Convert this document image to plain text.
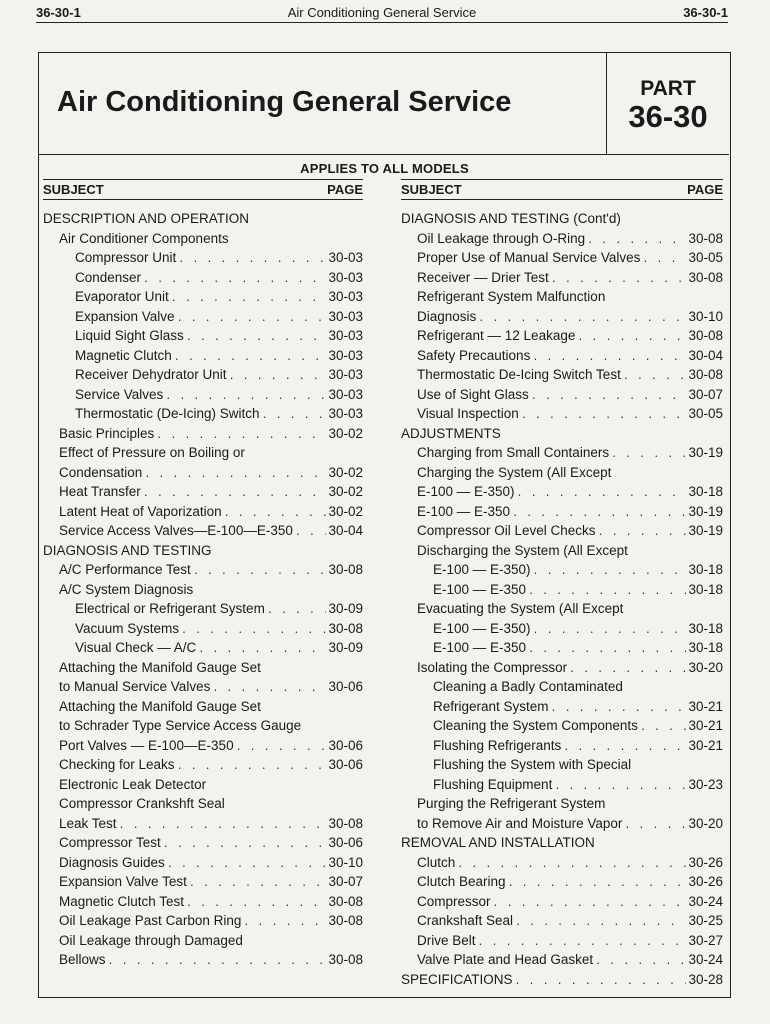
36-30-1	Air Conditioning General Service	36-30-1
Air Conditioning General Service	PART
36-30
APPLIES TO ALL MODELS
SUBJECT	PAGE
DESCRIPTION AND OPERATION
Air Conditioner Components
Compressor Unit . . .	30-03
Condenser . . .	30-03
Evaporator Unit . . .	30-03
Expansion Valve . . .	30-03
Liquid Sight Glass . . .	30-03
Magnetic Clutch . . .	30-03
Receiver Dehydrator Unit . . .	30-03
Service Valves . . .	30-03
Thermostatic (De-Icing) Switch . . .	30-03
Basic Principles . . .	30-02
Effect of Pressure on Boiling or
Condensation . . .	30-02
Heat Transfer . . .	30-02
Latent Heat of Vaporization . . .	30-02
Service Access Valves—E-100—E-350 . . .	30-04
DIAGNOSIS AND TESTING
A/C Performance Test . . .	30-08
A/C System Diagnosis
Electrical or Refrigerant System . . .	30-09
Vacuum Systems . . .	30-08
Visual Check — A/C . . .	30-09
Attaching the Manifold Gauge Set
to Manual Service Valves . . .	30-06
Attaching the Manifold Gauge Set
to Schrader Type Service Access Gauge
Port Valves — E-100—E-350 . . .	30-06
Checking for Leaks . . .	30-06
Electronic Leak Detector
Compressor Crankshft Seal
Leak Test . . .	30-08
Compressor Test . . .	30-06
Diagnosis Guides . . .	30-10
Expansion Valve Test . . .	30-07
Magnetic Clutch Test . . .	30-08
Oil Leakage Past Carbon Ring . . .	30-08
Oil Leakage through Damaged
Bellows . . .	30-08
SUBJECT	PAGE
DIAGNOSIS AND TESTING (Cont'd)
Oil Leakage through O-Ring . . .	30-08
Proper Use of Manual Service Valves . . .	30-05
Receiver — Drier Test . . .	30-08
Refrigerant System Malfunction
Diagnosis . . .	30-10
Refrigerant — 12 Leakage . . .	30-08
Safety Precautions . . .	30-04
Thermostatic De-Icing Switch Test . . .	30-08
Use of Sight Glass . . .	30-07
Visual Inspection . . .	30-05
ADJUSTMENTS
Charging from Small Containers . . .	30-19
Charging the System (All Except
E-100 — E-350) . . .	30-18
E-100 — E-350 . . .	30-19
Compressor Oil Level Checks . . .	30-19
Discharging the System (All Except
E-100 — E-350) . . .	30-18
E-100 — E-350 . . .	30-18
Evacuating the System (All Except
E-100 — E-350) . . .	30-18
E-100 — E-350 . . .	30-18
Isolating the Compressor . . .	30-20
Cleaning a Badly Contaminated
Refrigerant System . . .	30-21
Cleaning the System Components . . .	30-21
Flushing Refrigerants . . .	30-21
Flushing the System with Special
Flushing Equipment . . .	30-23
Purging the Refrigerant System
to Remove Air and Moisture Vapor . . .	30-20
REMOVAL AND INSTALLATION
Clutch . . .	30-26
Clutch Bearing . . .	30-26
Compressor . . .	30-24
Crankshaft Seal . . .	30-25
Drive Belt . . .	30-27
Valve Plate and Head Gasket . . .	30-24
SPECIFICATIONS . . .	30-28
